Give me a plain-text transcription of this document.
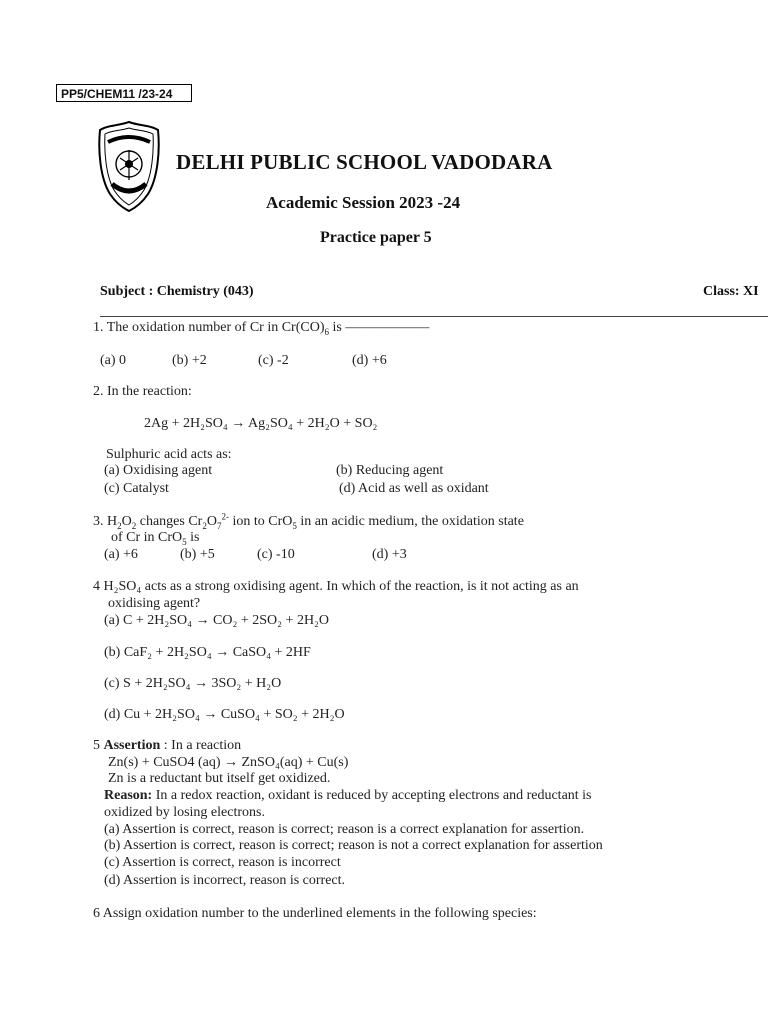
PP5/CHEM11 /23-24
DELHI PUBLIC SCHOOL VADODARA
Academic Session 2023 -24
Practice paper 5
Subject : Chemistry (043)	Class: XI
1. The oxidation number of Cr in $Cr(CO)_6$ is ——————
(a) 0	(b) +2	(c) -2	(d) +6
2. In the reaction:
2Ag + 2H₂SO₄ → Ag₂SO₄ + 2H₂O + SO₂
Sulphuric acid acts as:
(a) Oxidising agent	(b) Reducing agent
(c) Catalyst	(d) Acid as well as oxidant
3. $H_2O_2$ changes $Cr_2O_7^{2-}$ ion to CrO$_5$ in an acidic medium, the oxidation state
of Cr in CrO$_5$ is
(a) +6	(b) +5	(c) -10	(d) +3
4 H₂SO₄ acts as a strong oxidising agent. In which of the reaction, is it not acting as an
oxidising agent?
(a) C + 2H₂SO₄ → CO₂ + 2SO₂ + 2H₂O
(b) CaF₂ + 2H₂SO₄ → CaSO₄ + 2HF
(c) S + 2H₂SO₄ → 3SO₂ + H₂O
(d) Cu + 2H₂SO₄ → CuSO₄ + SO₂ + 2H₂O
5 Assertion : In a reaction
Zn(s) + CuSO4 (aq) → ZnSO₄(aq) + Cu(s)
Zn is a reductant but itself get oxidized.
Reason: In a redox reaction, oxidant is reduced by accepting electrons and reductant is
oxidized by losing electrons.
(a) Assertion is correct, reason is correct; reason is a correct explanation for assertion.
(b) Assertion is correct, reason is correct; reason is not a correct explanation for assertion
(c) Assertion is correct, reason is incorrect
(d) Assertion is incorrect, reason is correct.
6 Assign oxidation number to the underlined elements in the following species:
